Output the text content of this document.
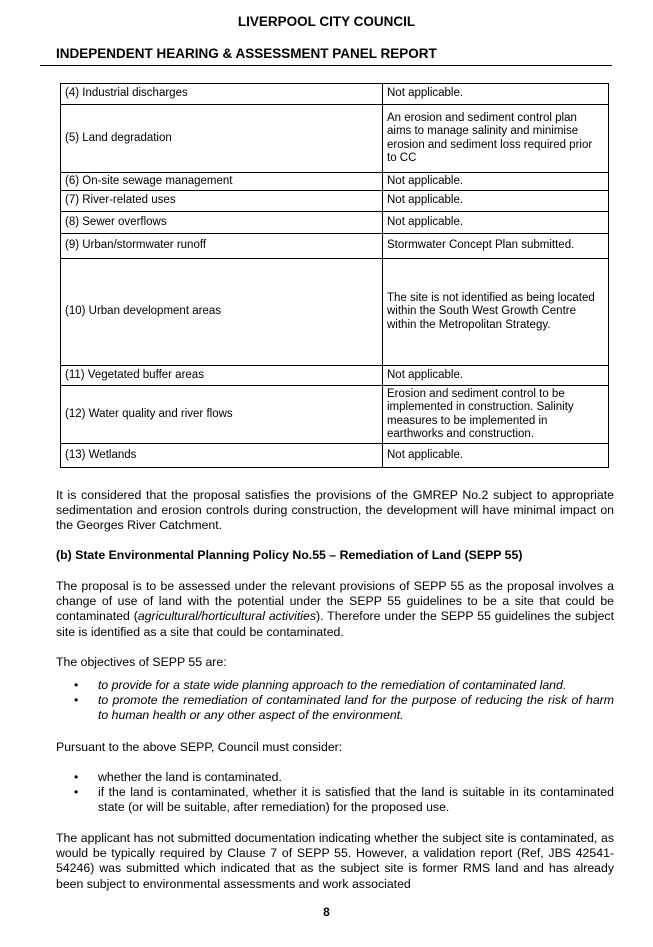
LIVERPOOL CITY COUNCIL
INDEPENDENT HEARING & ASSESSMENT PANEL REPORT
(4) Industrial discharges	Not applicable.
(5) Land degradation	An erosion and sediment control plan aims to manage salinity and minimise erosion and sediment loss required prior to CC
(6) On-site sewage management	Not applicable.
(7) River-related uses	Not applicable.
(8) Sewer overflows	Not applicable.
(9) Urban/stormwater runoff	Stormwater Concept Plan submitted.
(10) Urban development areas	The site is not identified as being located within the South West Growth Centre within the Metropolitan Strategy.
(11) Vegetated buffer areas	Not applicable.
(12) Water quality and river flows	Erosion and sediment control to be implemented in construction. Salinity measures to be implemented in earthworks and construction.
(13) Wetlands	Not applicable.
It is considered that the proposal satisfies the provisions of the GMREP No.2 subject to appropriate sedimentation and erosion controls during construction, the development will have minimal impact on the Georges River Catchment.
(b) State Environmental Planning Policy No.55 – Remediation of Land (SEPP 55)
The proposal is to be assessed under the relevant provisions of SEPP 55 as the proposal involves a change of use of land with the potential under the SEPP 55 guidelines to be a site that could be contaminated (agricultural/horticultural activities). Therefore under the SEPP 55 guidelines the subject site is identified as a site that could be contaminated.
The objectives of SEPP 55 are:
• to provide for a state wide planning approach to the remediation of contaminated land.
• to promote the remediation of contaminated land for the purpose of reducing the risk of harm to human health or any other aspect of the environment.
Pursuant to the above SEPP, Council must consider:
• whether the land is contaminated.
• if the land is contaminated, whether it is satisfied that the land is suitable in its contaminated state (or will be suitable, after remediation) for the proposed use.
The applicant has not submitted documentation indicating whether the subject site is contaminated, as would be typically required by Clause 7 of SEPP 55. However, a validation report (Ref, JBS 42541-54246) was submitted which indicated that as the subject site is former RMS land and has already been subject to environmental assessments and work associated
8
